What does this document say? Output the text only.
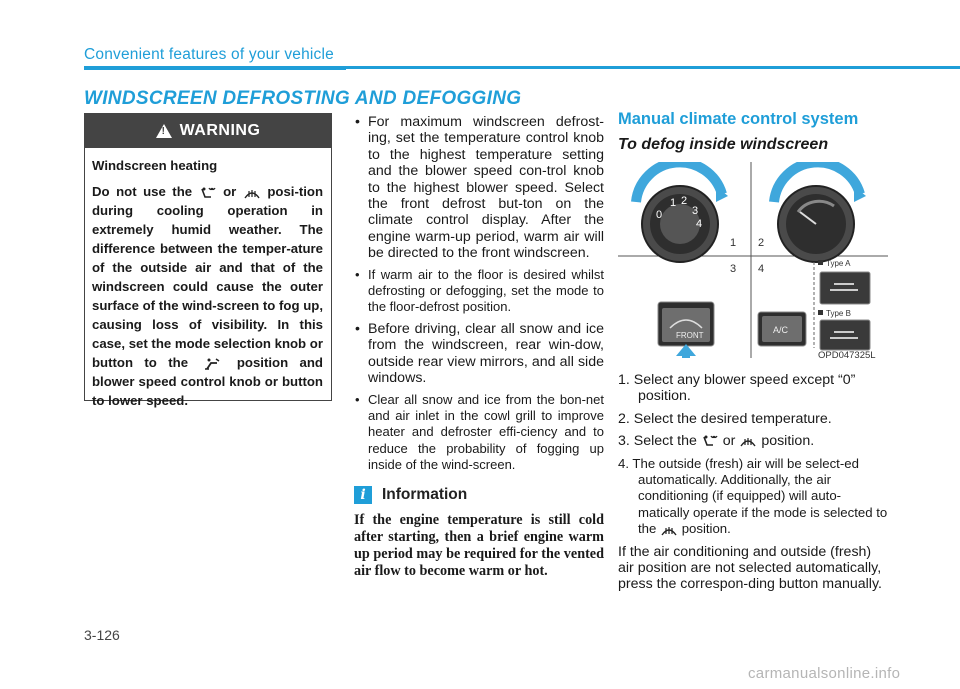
Convenient features of your vehicle
WINDSCREEN DEFROSTING AND DEFOGGING
!
WARNING
Windscreen heating
Do not use the or posi-tion during cooling operation in extremely humid weather. The difference between the temper-ature of the outside air and that of the windscreen could cause the outer surface of the wind-screen to fog up, causing loss of visibility. In this case, set the mode selection knob or button to the	position and blower speed control knob or button to lower speed.
• For maximum windscreen defrost-ing, set the temperature control knob to the highest temperature setting and the blower speed con-trol knob to the highest blower speed. Select the front defrost but-ton on the climate control display. After the engine warm-up period, warm air will be directed to the front windscreen.
• If warm air to the floor is desired whilst defrosting or defogging, set the mode to the floor-defrost position.
• Before driving, clear all snow and ice from the windscreen, rear win-dow, outside rear view mirrors, and all side windows.
• Clear all snow and ice from the bon-net and air inlet in the cowl grill to improve heater and defroster effi-ciency and to reduce the probability of fogging up inside of the wind-screen.
i	Information
If the engine temperature is still cold after starting, then a brief engine warm up period may be required for the vented air flow to become warm or hot.
Manual climate control system
To defog inside windscreen
0
1 2
3
4
1 2
3 4
FRONT
A/C
Type A
Type B
OPD047325L
1. Select any blower speed except “0” position.
2. Select the desired temperature.
3. Select the or position.
4. The outside (fresh) air will be select-ed automatically. Additionally, the air conditioning (if equipped) will auto-matically operate if the mode is selected to the position.
If the air conditioning and outside (fresh) air position are not selected automatically, press the correspon-ding button manually.
3-126
carmanualsonline.info
